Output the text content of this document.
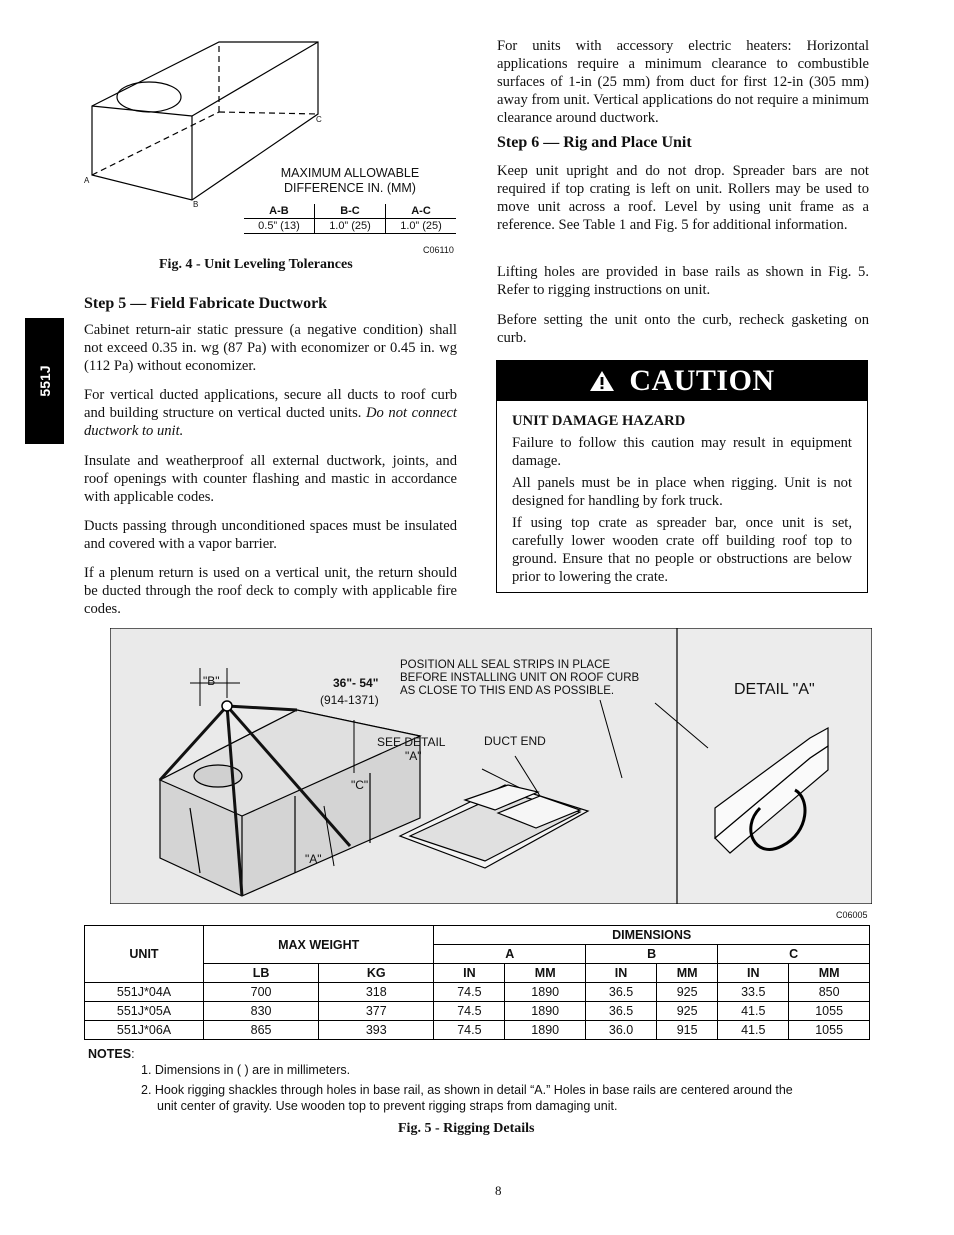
551J
A
B
C
MAXIMUM ALLOWABLE
DIFFERENCE IN. (MM)
A-B	B-C	A-C
0.5” (13)	1.0” (25)	1.0” (25)
C06110
Fig. 4 - Unit Leveling Tolerances
Step 5 — Field Fabricate Ductwork

Cabinet return-air static pressure (a negative condition) shall not exceed 0.35 in. wg (87 Pa) with economizer or 0.45 in. wg (112 Pa) without economizer.

For vertical ducted applications, secure all ducts to roof curb and building structure on vertical ducted units. Do not connect ductwork to unit.

Insulate and weatherproof all external ductwork, joints, and roof openings with counter flashing and mastic in accordance with applicable codes.

Ducts passing through unconditioned spaces must be insulated and covered with a vapor barrier.

If a plenum return is used on a vertical unit, the return should be ducted through the roof deck to comply with applicable fire codes.

For units with accessory electric heaters: Horizontal applications require a minimum clearance to combustible surfaces of 1-in (25 mm) from duct for first 12-in (305 mm) away from unit. Vertical applications do not require a minimum clearance around ductwork.

Step 6 — Rig and Place Unit

Keep unit upright and do not drop. Spreader bars are not required if top crating is left on unit. Rollers may be used to move unit across a roof. Level by using unit frame as a reference. See Table 1 and Fig. 5 for additional information.

Lifting holes are provided in base rails as shown in Fig. 5. Refer to rigging instructions on unit.

Before setting the unit onto the curb, recheck gasketing on curb.

CAUTION
UNIT DAMAGE HAZARD

Failure to follow this caution may result in equipment damage.

All panels must be in place when rigging. Unit is not designed for handling by fork truck.

If using top crate as spreader bar, once unit is set, carefully lower wooden crate off building roof top to ground. Ensure that no people or obstructions are below prior to lowering the crate.

"B"	36"- 54"
(914-1371)
"C"
"A"
SEE DETAIL
"A"
DUCT END
POSITION ALL SEAL STRIPS IN PLACE
BEFORE INSTALLING UNIT ON ROOF CURB
AS CLOSE TO THIS END AS POSSIBLE.	DETAIL "A"
C06005
UNIT	MAX WEIGHT		DIMENSIONS					
			A		B		C	
	LB	KG	IN	MM	IN	MM	IN	MM
551J*04A	700	318	74.5	1890	36.5	925	33.5	850
551J*05A	830	377	74.5	1890	36.5	925	41.5	1055
551J*06A	865	393	74.5	1890	36.0	915	41.5	1055
NOTES:
1. Dimensions in ( ) are in millimeters.
2. Hook rigging shackles through holes in base rail, as shown in detail “A.” Holes in base rails are centered around the
unit center of gravity. Use wooden top to prevent rigging straps from damaging unit.
Fig. 5 - Rigging Details
8
